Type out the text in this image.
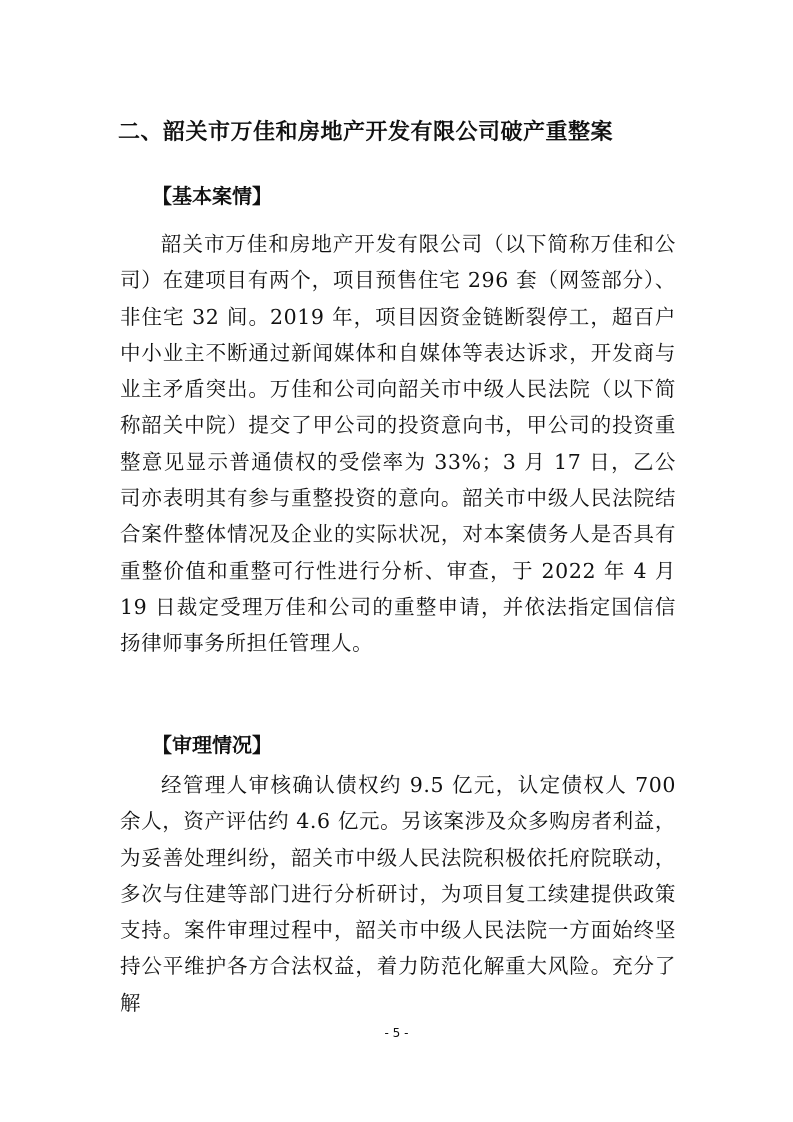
二、韶关市万佳和房地产开发有限公司破产重整案
【基本案情】

韶关市万佳和房地产开发有限公司（以下简称万佳和公司）在建项目有两个，项目预售住宅 296 套（网签部分）、非住宅 32 间。2019 年，项目因资金链断裂停工，超百户中小业主不断通过新闻媒体和自媒体等表达诉求，开发商与业主矛盾突出。万佳和公司向韶关市中级人民法院（以下简称韶关中院）提交了甲公司的投资意向书，甲公司的投资重整意见显示普通债权的受偿率为 33%；3 月 17 日，乙公司亦表明其有参与重整投资的意向。韶关市中级人民法院结合案件整体情况及企业的实际状况，对本案债务人是否具有重整价值和重整可行性进行分析、审查，于 2022 年 4 月 19 日裁定受理万佳和公司的重整申请，并依法指定国信信扬律师事务所担任管理人。

【审理情况】

经管理人审核确认债权约 9.5 亿元，认定债权人 700 余人，资产评估约 4.6 亿元。另该案涉及众多购房者利益，为妥善处理纠纷，韶关市中级人民法院积极依托府院联动，多次与住建等部门进行分析研讨，为项目复工续建提供政策支持。案件审理过程中，韶关市中级人民法院一方面始终坚持公平维护各方合法权益，着力防范化解重大风险。充分了解

- 5 -
